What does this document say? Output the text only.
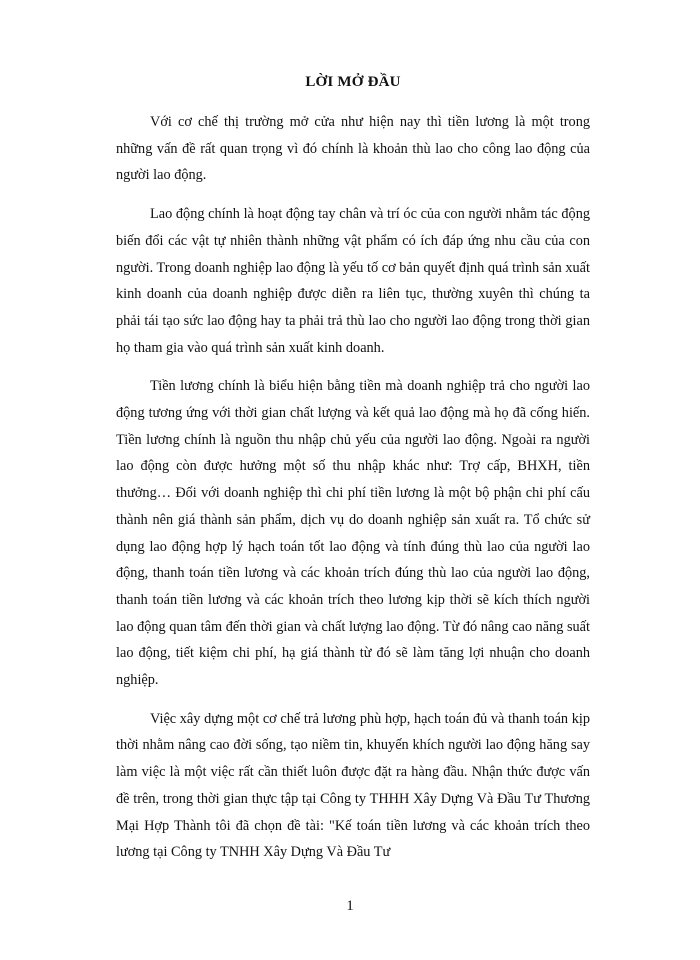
LỜI MỞ ĐẦU

Với cơ chế thị trường mở cửa như hiện nay thì tiền lương là một trong những vấn đề rất quan trọng vì đó chính là khoản thù lao cho công lao động của người lao động.

Lao động chính là hoạt động tay chân và trí óc của con người nhằm tác động biến đổi các vật tự nhiên thành những vật phẩm có ích đáp ứng nhu cầu của con người. Trong doanh nghiệp lao động là yếu tố cơ bản quyết định quá trình sản xuất kinh doanh của doanh nghiệp được diễn ra liên tục, thường xuyên thì chúng ta phải tái tạo sức lao động hay ta phải trả thù lao cho người lao động trong thời gian họ tham gia vào quá trình sản xuất kinh doanh.

Tiền lương chính là biểu hiện bằng tiền mà doanh nghiệp trả cho người lao động tương ứng với thời gian chất lượng và kết quả lao động mà họ đã cống hiến. Tiền lương chính là nguồn thu nhập chủ yếu của người lao động. Ngoài ra người lao động còn được hưởng một số thu nhập khác như: Trợ cấp, BHXH, tiền thưởng… Đối với doanh nghiệp thì chi phí tiền lương là một bộ phận chi phí cấu thành nên giá thành sản phẩm, dịch vụ do doanh nghiệp sản xuất ra. Tổ chức sử dụng lao động hợp lý hạch toán tốt lao động và tính đúng thù lao của người lao động, thanh toán tiền lương và các khoản trích đúng thù lao của người lao động, thanh toán tiền lương và các khoản trích theo lương kịp thời sẽ kích thích người lao động quan tâm đến thời gian và chất lượng lao động. Từ đó nâng cao năng suất lao động, tiết kiệm chi phí, hạ giá thành từ đó sẽ làm tăng lợi nhuận cho doanh nghiệp.

Việc xây dựng một cơ chế trả lương phù hợp, hạch toán đủ và thanh toán kịp thời nhằm nâng cao đời sống, tạo niềm tin, khuyến khích người lao động hăng say làm việc là một việc rất cần thiết luôn được đặt ra hàng đầu. Nhận thức được vấn đề trên, trong thời gian thực tập tại Công ty THHH Xây Dựng Và Đầu Tư Thương Mại Hợp Thành tôi đã chọn đề tài: "Kế toán tiền lương và các khoản trích theo lương tại Công ty TNHH Xây Dựng Và Đầu Tư

1
